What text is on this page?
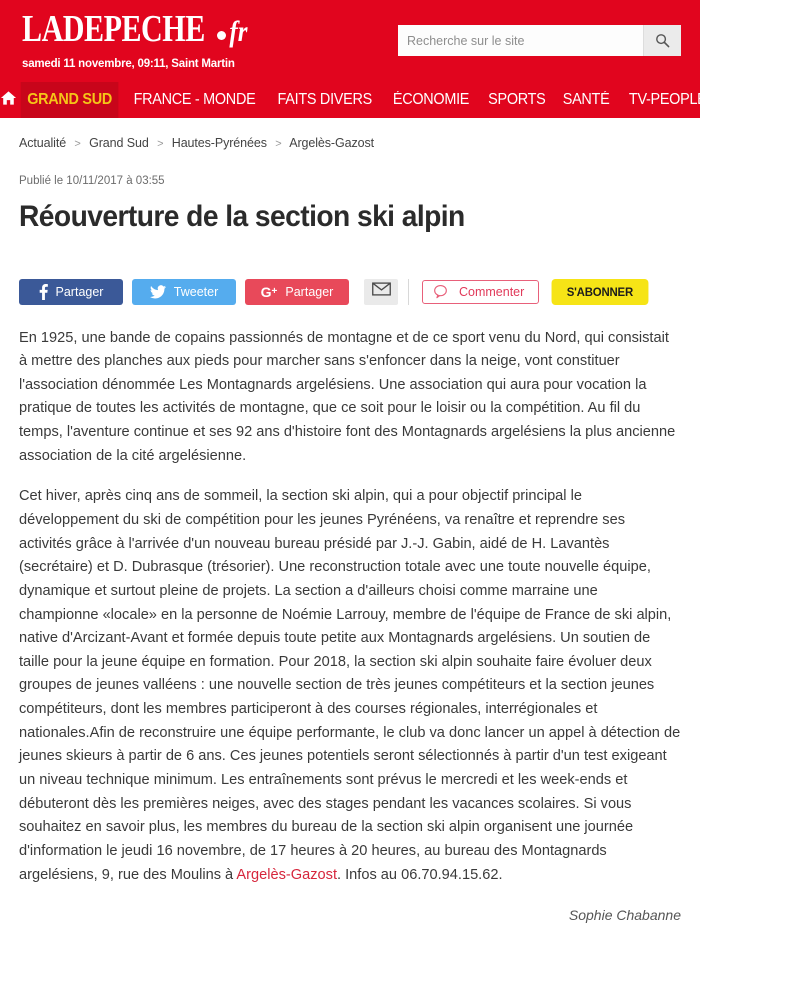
LADEPECHE fr
samedi 11 novembre, 09:11, Saint Martin
Recherche sur le site
GRAND SUD FRANCE - MONDE FAITS DIVERS ÉCONOMIE SPORTS SANTÉ TV-PEOPLE LOISIRS
Actualité > Grand Sud > Hautes-Pyrénées > Argelès-Gazost
Publié le 10/11/2017 à 03:55
Réouverture de la section ski alpin
Partager	Tweeter	G + Partager	Commenter	S'ABONNER

En 1925, une bande de copains passionnés de montagne et de ce sport venu du Nord, qui consistait à mettre des planches aux pieds pour marcher sans s'enfoncer dans la neige, vont constituer l'association dénommée Les Montagnards argelésiens. Une association qui aura pour vocation la pratique de toutes les activités de montagne, que ce soit pour le loisir ou la compétition. Au fil du temps, l'aventure continue et ses 92 ans d'histoire font des Montagnards argelésiens la plus ancienne association de la cité argelésienne.

Cet hiver, après cinq ans de sommeil, la section ski alpin, qui a pour objectif principal le développement du ski de compétition pour les jeunes Pyrénéens, va renaître et reprendre ses activités grâce à l'arrivée d'un nouveau bureau présidé par J.-J. Gabin, aidé de H. Lavantès (secrétaire) et D. Dubrasque (trésorier). Une reconstruction totale avec une toute nouvelle équipe, dynamique et surtout pleine de projets. La section a d'ailleurs choisi comme marraine une championne «locale» en la personne de Noémie Larrouy, membre de l'équipe de France de ski alpin, native d'Arcizant-Avant et formée depuis toute petite aux Montagnards argelésiens. Un soutien de taille pour la jeune équipe en formation. Pour 2018, la section ski alpin souhaite faire évoluer deux groupes de jeunes valléens : une nouvelle section de très jeunes compétiteurs et la section jeunes compétiteurs, dont les membres participeront à des courses régionales, interrégionales et nationales.Afin de reconstruire une équipe performante, le club va donc lancer un appel à détection de jeunes skieurs à partir de 6 ans. Ces jeunes potentiels seront sélectionnés à partir d'un test exigeant un niveau technique minimum. Les entraînements sont prévus le mercredi et les week-ends et débuteront dès les premières neiges, avec des stages pendant les vacances scolaires. Si vous souhaitez en savoir plus, les membres du bureau de la section ski alpin organisent une journée d'information le jeudi 16 novembre, de 17 heures à 20 heures, au bureau des Montagnards argelésiens, 9, rue des Moulins à Argelès-Gazost. Infos au 06.70.94.15.62.

Sophie Chabanne
